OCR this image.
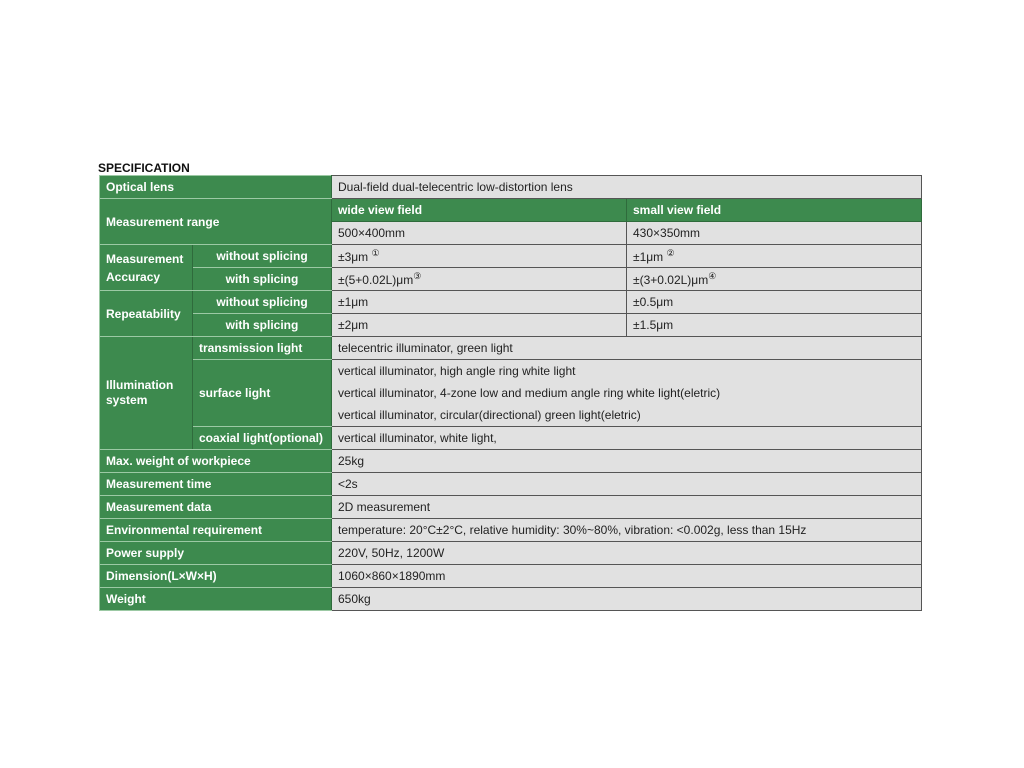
SPECIFICATION
Optical lens		Dual-field dual-telecentric low-distortion lens	
Measurement range		wide view field	small view field
		500×400mm	430×350mm
Measurement
Accuracy	without splicing	±3μm ①	±1μm ②
	with splicing	±(5+0.02L)μm③	±(3+0.02L)μm④
Repeatability	without splicing	±1μm	±0.5μm
	with splicing	±2μm	±1.5μm
Illumination
system	transmission light	telecentric illuminator, green light	
	surface light	vertical illuminator, high angle ring white light
vertical illuminator, 4-zone low and medium angle ring white light(eletric)
vertical illuminator, circular(directional) green light(eletric)	

	coaxial light(optional)	vertical illuminator, white light,	
Max. weight of workpiece		25kg	
Measurement time		<2s	
Measurement data		2D measurement	
Environmental requirement		temperature: 20°C±2°C, relative humidity: 30%~80%, vibration: <0.002g, less than 15Hz	
Power supply		220V, 50Hz, 1200W	
Dimension(L×W×H)		1060×860×1890mm	
Weight		650kg	
